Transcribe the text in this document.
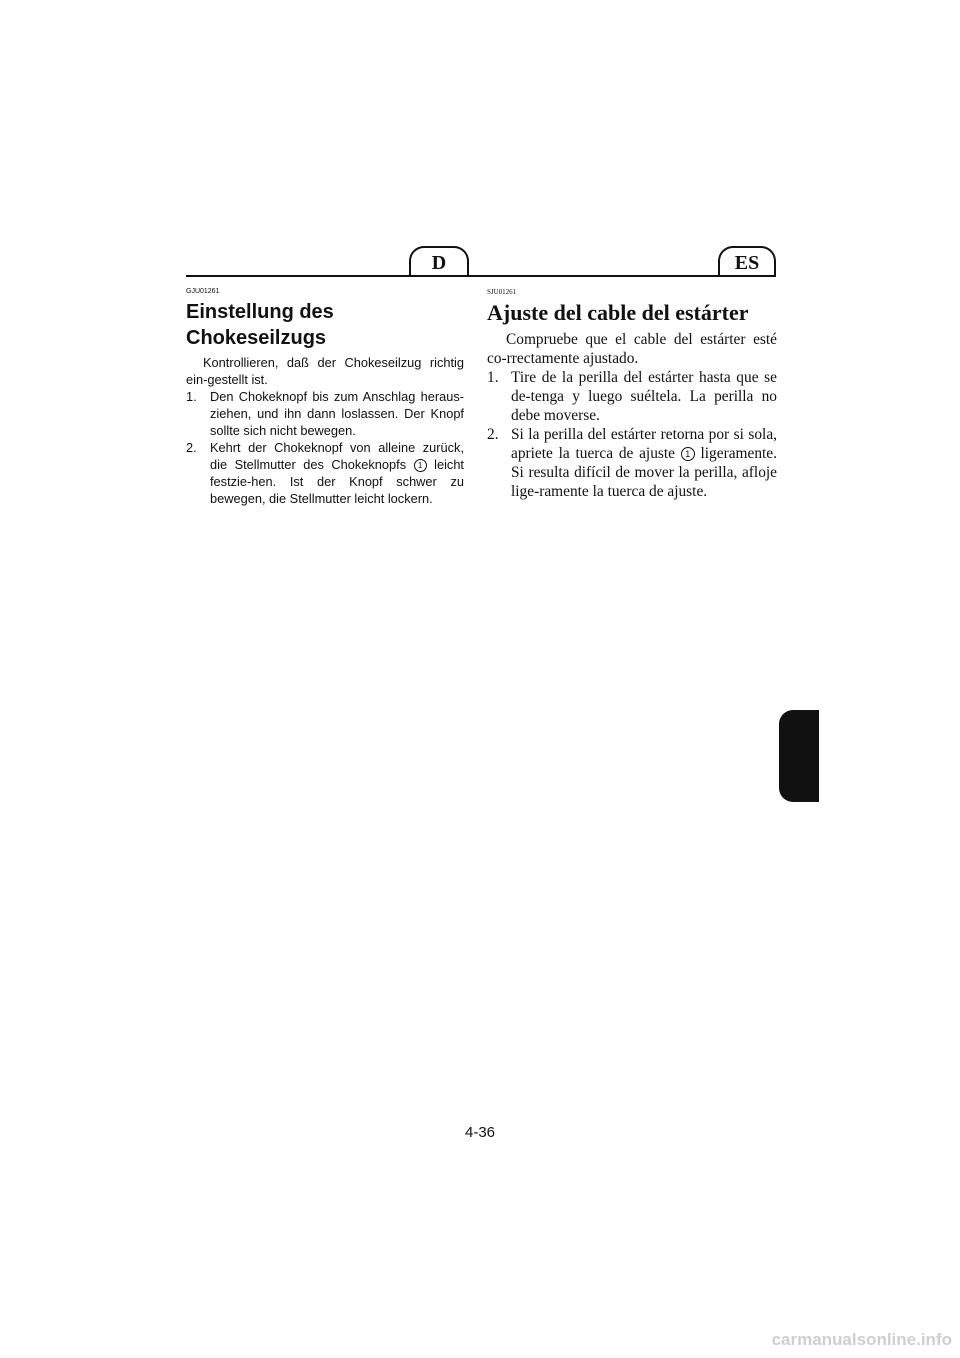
D	ES
GJU01261
Einstellung des Chokeseilzugs
Kontrollieren, daß der Chokeseilzug richtig ein-gestellt ist.
1.	Den Chokeknopf bis zum Anschlag heraus-ziehen, und ihn dann loslassen. Der Knopf sollte sich nicht bewegen.
2.	Kehrt der Chokeknopf von alleine zurück, die Stellmutter des Chokeknopfs 1 leicht festzie-hen. Ist der Knopf schwer zu bewegen, die Stellmutter leicht lockern.
SJU01261
Ajuste del cable del estárter
Compruebe que el cable del estárter esté co-rrectamente ajustado.
1. Tire de la perilla del estárter hasta que se de-tenga y luego suéltela. La perilla no debe moverse.
2. Si la perilla del estárter retorna por si sola, apriete la tuerca de ajuste 1 ligeramente. Si resulta difícil de mover la perilla, afloje lige-ramente la tuerca de ajuste.
4-36
carmanualsonline.info
